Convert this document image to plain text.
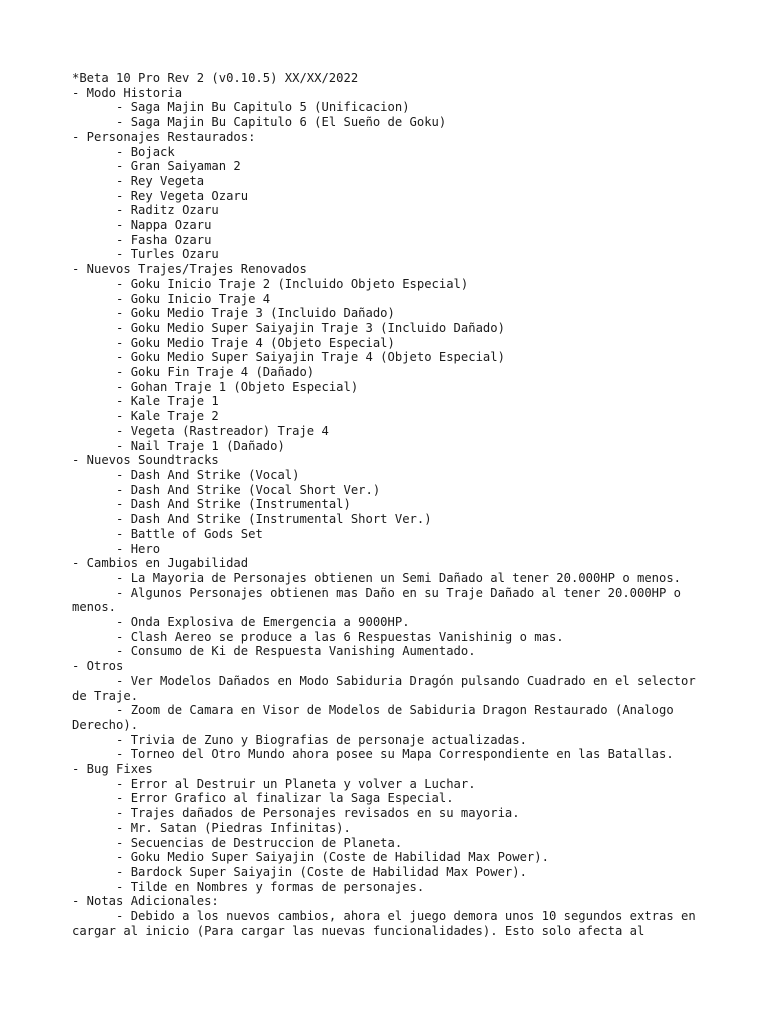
*Beta 10 Pro Rev 2 (v0.10.5) XX/XX/2022
- Modo Historia
- Saga Majin Bu Capitulo 5 (Unificacion)
- Saga Majin Bu Capitulo 6 (El Sueño de Goku)
- Personajes Restaurados:
- Bojack
- Gran Saiyaman 2
- Rey Vegeta
- Rey Vegeta Ozaru
- Raditz Ozaru
- Nappa Ozaru
- Fasha Ozaru
- Turles Ozaru
- Nuevos Trajes/Trajes Renovados
- Goku Inicio Traje 2 (Incluido Objeto Especial)
- Goku Inicio Traje 4
- Goku Medio Traje 3 (Incluido Dañado)
- Goku Medio Super Saiyajin Traje 3 (Incluido Dañado)
- Goku Medio Traje 4 (Objeto Especial)
- Goku Medio Super Saiyajin Traje 4 (Objeto Especial)
- Goku Fin Traje 4 (Dañado)
- Gohan Traje 1 (Objeto Especial)
- Kale Traje 1
- Kale Traje 2
- Vegeta (Rastreador) Traje 4
- Nail Traje 1 (Dañado)
- Nuevos Soundtracks
- Dash And Strike (Vocal)
- Dash And Strike (Vocal Short Ver.)
- Dash And Strike (Instrumental)
- Dash And Strike (Instrumental Short Ver.)
- Battle of Gods Set
- Hero
- Cambios en Jugabilidad
- La Mayoria de Personajes obtienen un Semi Dañado al tener 20.000HP o menos.
- Algunos Personajes obtienen mas Daño en su Traje Dañado al tener 20.000HP o menos.
- Onda Explosiva de Emergencia a 9000HP.
- Clash Aereo se produce a las 6 Respuestas Vanishinig o mas.
- Consumo de Ki de Respuesta Vanishing Aumentado.
- Otros
- Ver Modelos Dañados en Modo Sabiduria Dragón pulsando Cuadrado en el selector de Traje.
- Zoom de Camara en Visor de Modelos de Sabiduria Dragon Restaurado (Analogo Derecho).
- Trivia de Zuno y Biografias de personaje actualizadas.
- Torneo del Otro Mundo ahora posee su Mapa Correspondiente en las Batallas.
- Bug Fixes
- Error al Destruir un Planeta y volver a Luchar.
- Error Grafico al finalizar la Saga Especial.
- Trajes dañados de Personajes revisados en su mayoria.
- Mr. Satan (Piedras Infinitas).
- Secuencias de Destruccion de Planeta.
- Goku Medio Super Saiyajin (Coste de Habilidad Max Power).
- Bardock Super Saiyajin (Coste de Habilidad Max Power).
- Tilde en Nombres y formas de personajes.
- Notas Adicionales:
- Debido a los nuevos cambios, ahora el juego demora unos 10 segundos extras en cargar al inicio (Para cargar las nuevas funcionalidades). Esto solo afecta al
